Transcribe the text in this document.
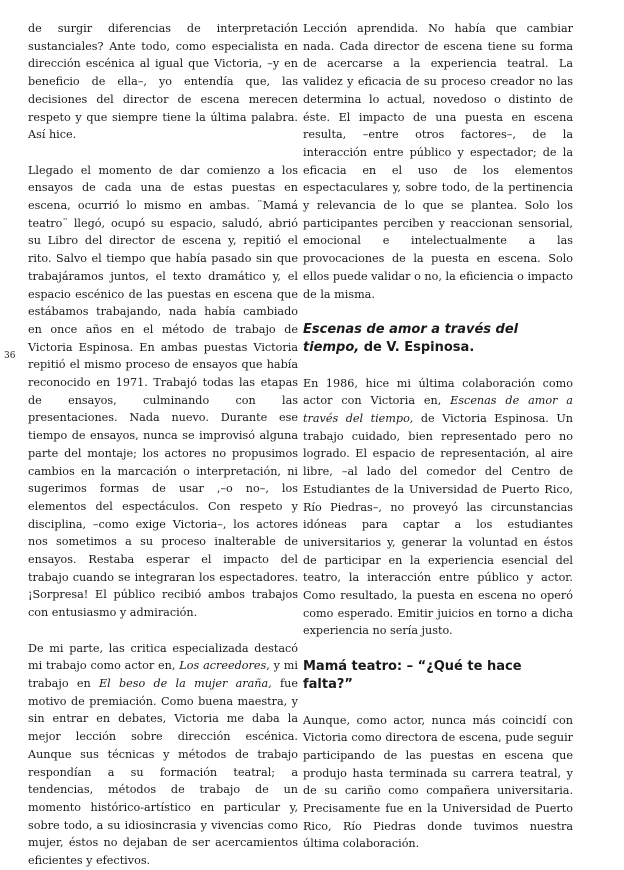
36

de surgir diferencias de interpretación sustanciales? Ante todo, como especialista en dirección escénica al igual que Victoria, –y en beneficio de ella–, yo entendía que, las decisiones del director de escena merecen respeto y que siempre tiene la última palabra. Así hice.

Llegado el momento de dar comienzo a los ensayos de cada una de estas puestas en escena, ocurrió lo mismo en ambas. ¨Mamá teatro¨ llegó, ocupó su espacio, saludó, abrió su Libro del director de escena y, repitió el rito. Salvo el tiempo que había pasado sin que trabajáramos juntos, el texto dramático y, el espacio escénico de las puestas en escena que estábamos trabajando, nada había cambiado en once años en el método de trabajo de Victoria Espinosa. En ambas puestas Victoria repitió el mismo proceso de ensayos que había reconocido en 1971. Trabajó todas las etapas de ensayos, culminando con las presentaciones. Nada nuevo. Durante ese tiempo de ensayos, nunca se improvisó alguna parte del montaje; los actores no propusimos cambios en la marcación o interpretación, ni sugerimos formas de usar ,–o no–, los elementos del espectáculos. Con respeto y disciplina, –como exige Victoria–, los actores nos sometimos a su proceso inalterable de ensayos. Restaba esperar el impacto del trabajo cuando se integraran los espectadores. ¡Sorpresa! El público recibió ambos trabajos con entusiasmo y admiración.

De mi parte, las critica especializada destacó mi trabajo como actor en, Los acreedores, y mi trabajo en El beso de la mujer araña, fue motivo de premiación. Como buena maestra, y sin entrar en debates, Victoria me daba la mejor lección sobre dirección escénica. Aunque sus técnicas y métodos de trabajo respondían a su formación teatral; a tendencias, métodos de trabajo de un momento histórico-artístico en particular y, sobre todo, a su idiosincrasia y vivencias como mujer, éstos no dejaban de ser acercamientos eficientes y efectivos.

Lección aprendida. No había que cambiar nada. Cada director de escena tiene su forma de acercarse a la experiencia teatral. La validez y eficacia de su proceso creador no las determina lo actual, novedoso o distinto de éste. El impacto de una puesta en escena resulta, –entre otros factores–, de la interacción entre público y espectador; de la eficacia en el uso de los elementos espectaculares y, sobre todo, de la pertinencia y relevancia de lo que se plantea. Solo los participantes perciben y reaccionan sensorial, emocional e intelectualmente a las provocaciones de la puesta en escena. Solo ellos puede validar o no, la eficiencia o impacto de la misma.

Escenas de amor a través del tiempo, de V. Espinosa.

En 1986, hice mi última colaboración como actor con Victoria en, Escenas de amor a través del tiempo, de Victoria Espinosa. Un trabajo cuidado, bien representado pero no logrado. El espacio de representación, al aire libre, –al lado del comedor del Centro de Estudiantes de la Universidad de Puerto Rico, Río Piedras–, no proveyó las circunstancias idóneas para captar a los estudiantes universitarios y, generar la voluntad en éstos de participar en la experiencia esencial del teatro, la interacción entre público y actor. Como resultado, la puesta en escena no operó como esperado. Emitir juicios en torno a dicha experiencia no sería justo.

Mamá teatro: – “¿Qué te hace falta?”

Aunque, como actor, nunca más coincidí con Victoria como directora de escena, pude seguir participando de las puestas en escena que produjo hasta terminada su carrera teatral, y de su cariño como compañera universitaria. Precisamente fue en la Universidad de Puerto Rico, Río Piedras donde tuvimos nuestra última colaboración.
